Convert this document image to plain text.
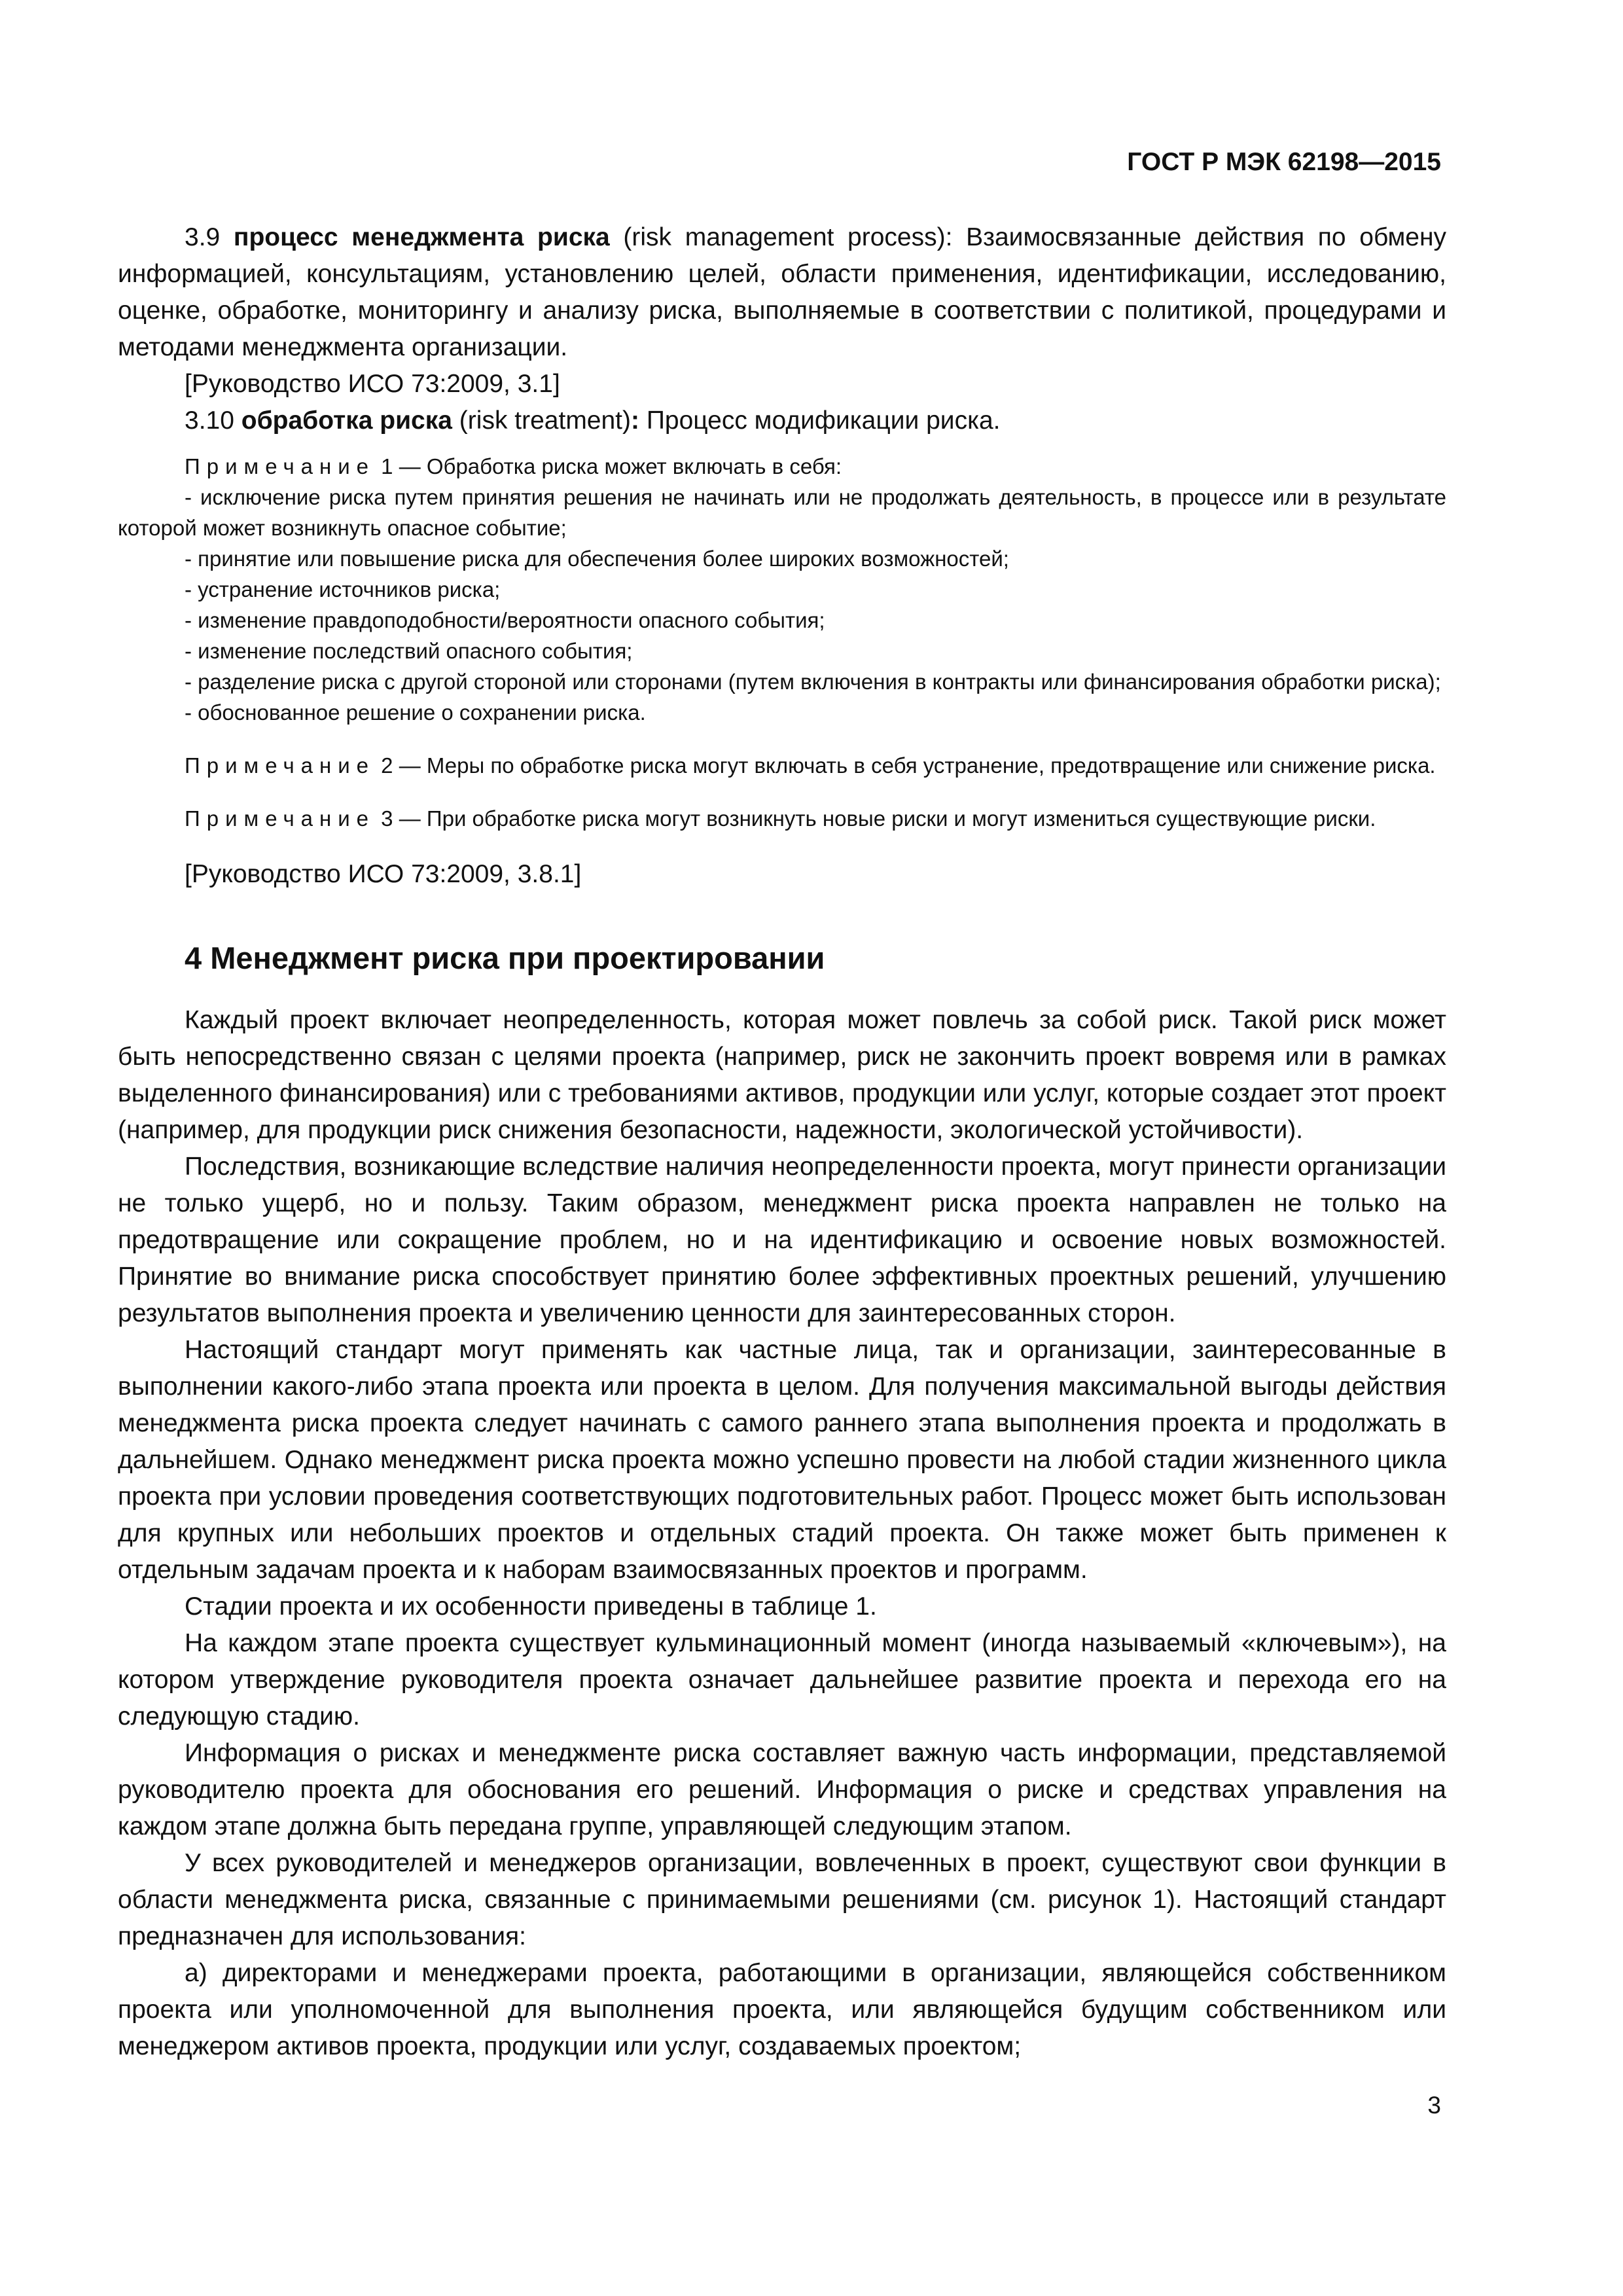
ГОСТ Р МЭК 62198—2015

3.9 процесс менеджмента риска (risk management process): Взаимосвязанные действия по обмену информацией, консультациям, установлению целей, области применения, идентификации, исследованию, оценке, обработке, мониторингу и анализу риска, выполняемые в соответствии с политикой, процедурами и методами менеджмента организации.

[Руководство ИСО 73:2009, 3.1]

3.10 обработка риска (risk treatment): Процесс модификации риска.

Примечание 1 — Обработка риска может включать в себя:

- исключение риска путем принятия решения не начинать или не продолжать деятельность, в процессе или в результате которой может возникнуть опасное событие;

- принятие или повышение риска для обеспечения более широких возможностей;

- устранение источников риска;

- изменение правдоподобности/вероятности опасного события;

- изменение последствий опасного события;

- разделение риска с другой стороной или сторонами (путем включения в контракты или финансирования обработки риска);

- обоснованное решение о сохранении риска.

Примечание 2 — Меры по обработке риска могут включать в себя устранение, предотвращение или снижение риска.

Примечание 3 — При обработке риска могут возникнуть новые риски и могут измениться существующие риски.

[Руководство ИСО 73:2009, 3.8.1]

4 Менеджмент риска при проектировании

Каждый проект включает неопределенность, которая может повлечь за собой риск. Такой риск может быть непосредственно связан с целями проекта (например, риск не закончить проект вовремя или в рамках выделенного финансирования) или с требованиями активов, продукции или услуг, которые создает этот проект (например, для продукции риск снижения безопасности, надежности, экологической устойчивости).

Последствия, возникающие вследствие наличия неопределенности проекта, могут принести организации не только ущерб, но и пользу. Таким образом, менеджмент риска проекта направлен не только на предотвращение или сокращение проблем, но и на идентификацию и освоение новых возможностей. Принятие во внимание риска способствует принятию более эффективных проектных решений, улучшению результатов выполнения проекта и увеличению ценности для заинтересованных сторон.

Настоящий стандарт могут применять как частные лица, так и организации, заинтересованные в выполнении какого-либо этапа проекта или проекта в целом. Для получения максимальной выгоды действия менеджмента риска проекта следует начинать с самого раннего этапа выполнения проекта и продолжать в дальнейшем. Однако менеджмент риска проекта можно успешно провести на любой стадии жизненного цикла проекта при условии проведения соответствующих подготовительных работ. Процесс может быть использован для крупных или небольших проектов и отдельных стадий проекта. Он также может быть применен к отдельным задачам проекта и к наборам взаимосвязанных проектов и программ.

Стадии проекта и их особенности приведены в таблице 1.

На каждом этапе проекта существует кульминационный момент (иногда называемый «ключевым»), на котором утверждение руководителя проекта означает дальнейшее развитие проекта и перехода его на следующую стадию.

Информация о рисках и менеджменте риска составляет важную часть информации, представляемой руководителю проекта для обоснования его решений. Информация о риске и средствах управления на каждом этапе должна быть передана группе, управляющей следующим этапом.

У всех руководителей и менеджеров организации, вовлеченных в проект, существуют свои функции в области менеджмента риска, связанные с принимаемыми решениями (см. рисунок 1). Настоящий стандарт предназначен для использования:

а) директорами и менеджерами проекта, работающими в организации, являющейся собственником проекта или уполномоченной для выполнения проекта, или являющейся будущим собственником или менеджером активов проекта, продукции или услуг, создаваемых проектом;

3
